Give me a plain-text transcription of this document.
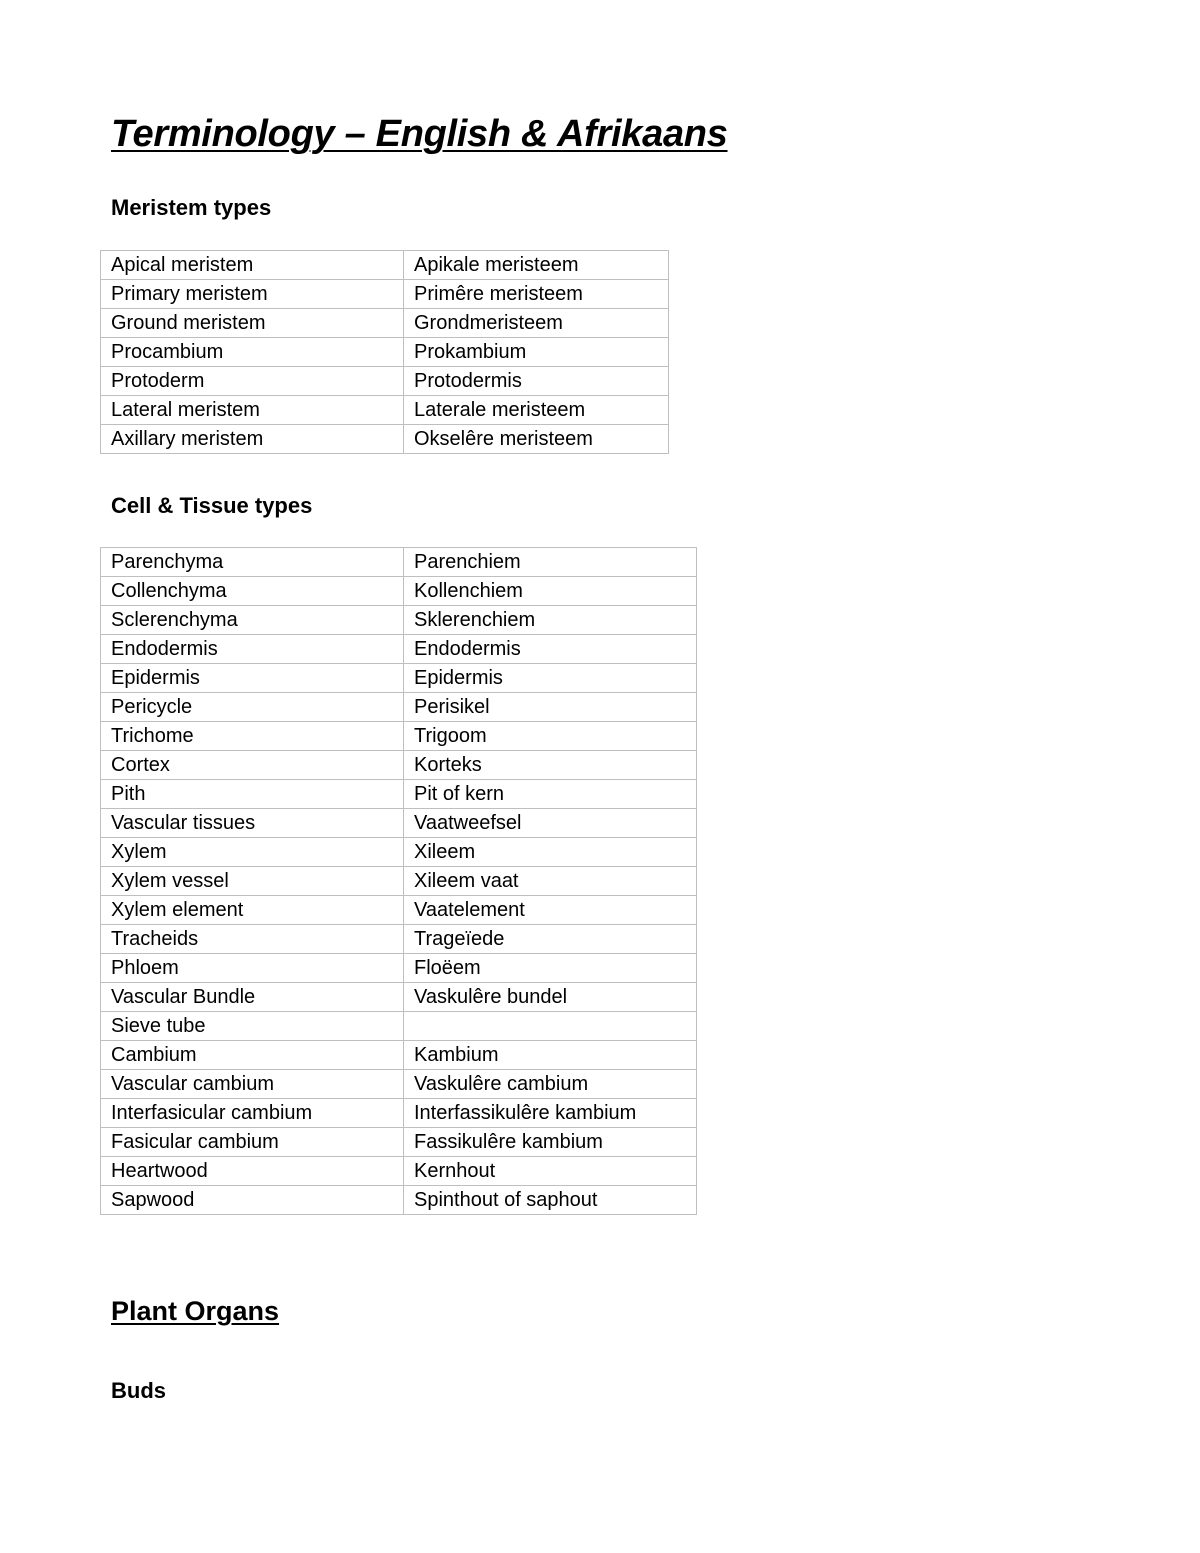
Terminology – English & Afrikaans
Meristem types
Apical meristem	Apikale meristeem
Primary meristem	Primêre meristeem
Ground meristem	Grondmeristeem
Procambium	Prokambium
Protoderm	Protodermis
Lateral meristem	Laterale meristeem
Axillary meristem	Okselêre meristeem
Cell & Tissue types
Parenchyma	Parenchiem
Collenchyma	Kollenchiem
Sclerenchyma	Sklerenchiem
Endodermis	Endodermis
Epidermis	Epidermis
Pericycle	Perisikel
Trichome	Trigoom
Cortex	Korteks
Pith	Pit of kern
Vascular tissues	Vaatweefsel
Xylem	Xileem
Xylem vessel	Xileem vaat
Xylem element	Vaatelement
Tracheids	Trageïede
Phloem	Floëem
Vascular Bundle	Vaskulêre bundel
Sieve tube	
Cambium	Kambium
Vascular cambium	Vaskulêre cambium
Interfasicular cambium	Interfassikulêre kambium
Fasicular cambium	Fassikulêre kambium
Heartwood	Kernhout
Sapwood	Spinthout of saphout
Plant Organs
Buds
